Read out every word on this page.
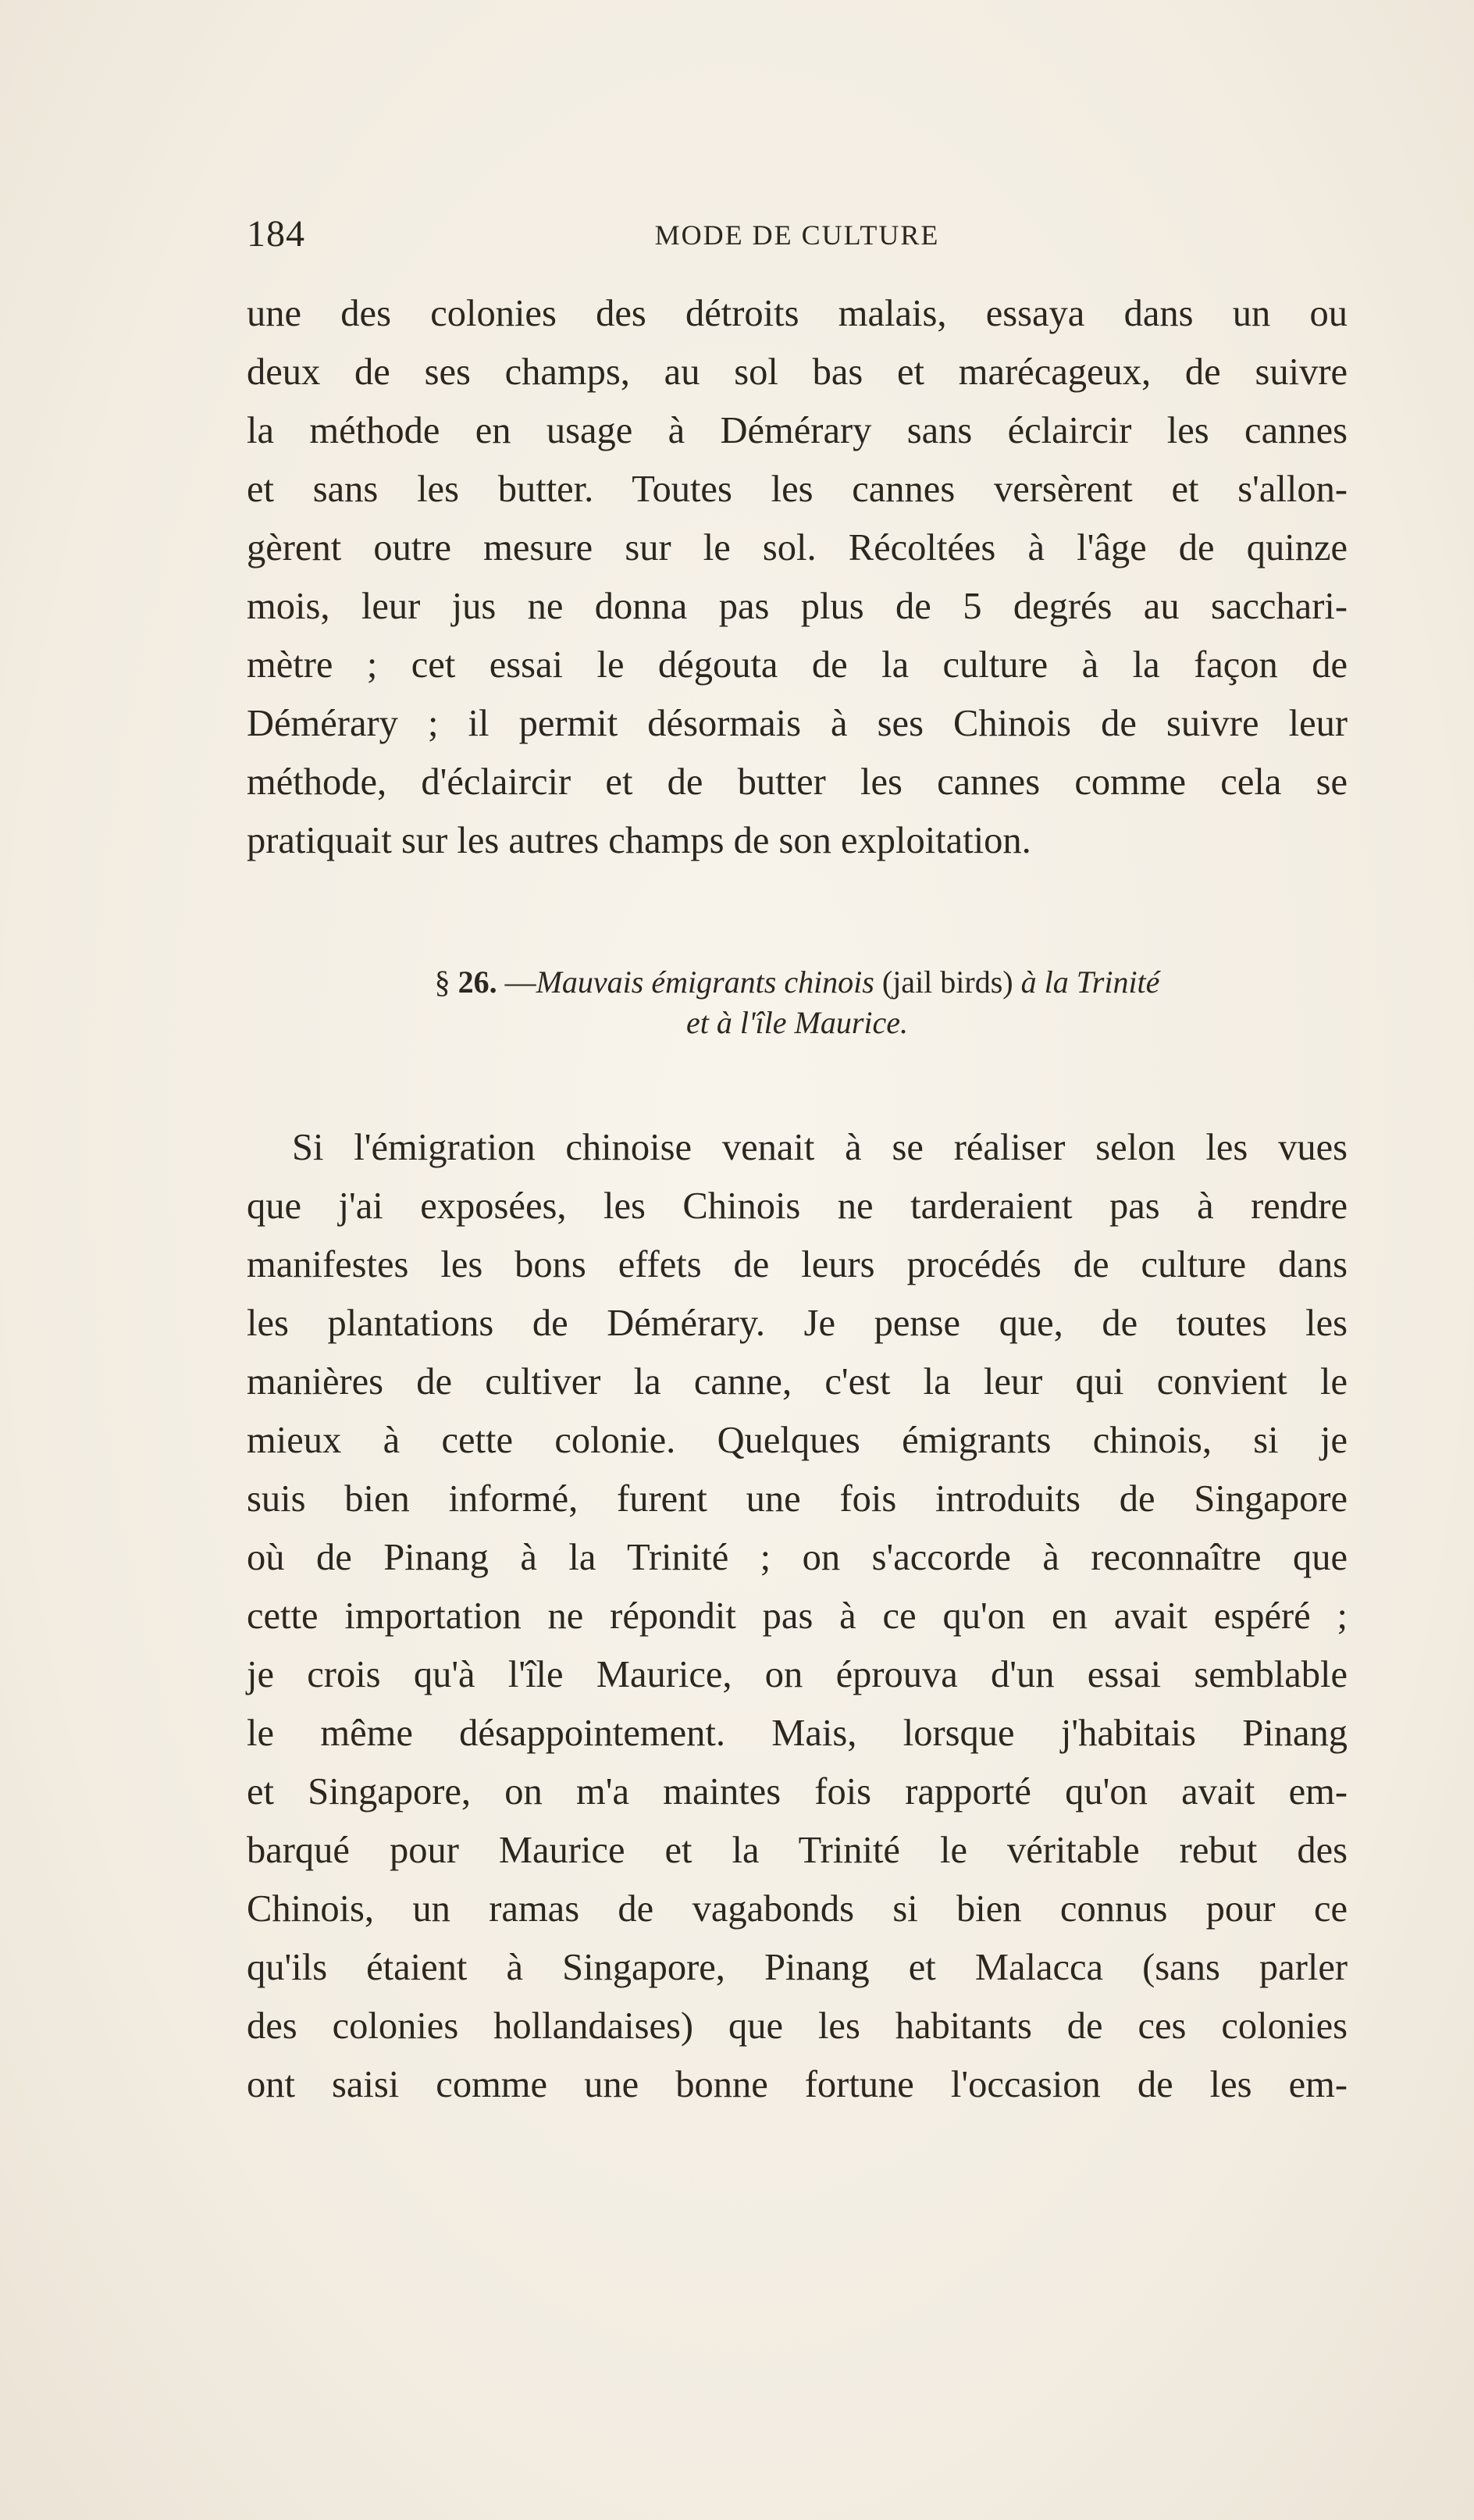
184	MODE DE CULTURE

une des colonies des détroits malais, essaya dans un ou
deux de ses champs, au sol bas et marécageux, de suivre
la méthode en usage à Démérary sans éclaircir les cannes
et sans les butter. Toutes les cannes versèrent et s'allon-
gèrent outre mesure sur le sol. Récoltées à l'âge de quinze
mois, leur jus ne donna pas plus de 5 degrés au sacchari-
mètre ; cet essai le dégouta de la culture à la façon de
Démérary ; il permit désormais à ses Chinois de suivre leur
méthode, d'éclaircir et de butter les cannes comme cela se
pratiquait sur les autres champs de son exploitation.

§ 26. —Mauvais émigrants chinois (jail birds) à la Trinité
et à l'île Maurice.

Si l'émigration chinoise venait à se réaliser selon les vues
que j'ai exposées, les Chinois ne tarderaient pas à rendre
manifestes les bons effets de leurs procédés de culture dans
les plantations de Démérary. Je pense que, de toutes les
manières de cultiver la canne, c'est la leur qui convient le
mieux à cette colonie. Quelques émigrants chinois, si je
suis bien informé, furent une fois introduits de Singapore
où de Pinang à la Trinité ; on s'accorde à reconnaître que
cette importation ne répondit pas à ce qu'on en avait espéré ;
je crois qu'à l'île Maurice, on éprouva d'un essai semblable
le même désappointement. Mais, lorsque j'habitais Pinang
et Singapore, on m'a maintes fois rapporté qu'on avait em-
barqué pour Maurice et la Trinité le véritable rebut des
Chinois, un ramas de vagabonds si bien connus pour ce
qu'ils étaient à Singapore, Pinang et Malacca (sans parler
des colonies hollandaises) que les habitants de ces colonies
ont saisi comme une bonne fortune l'occasion de les em-
